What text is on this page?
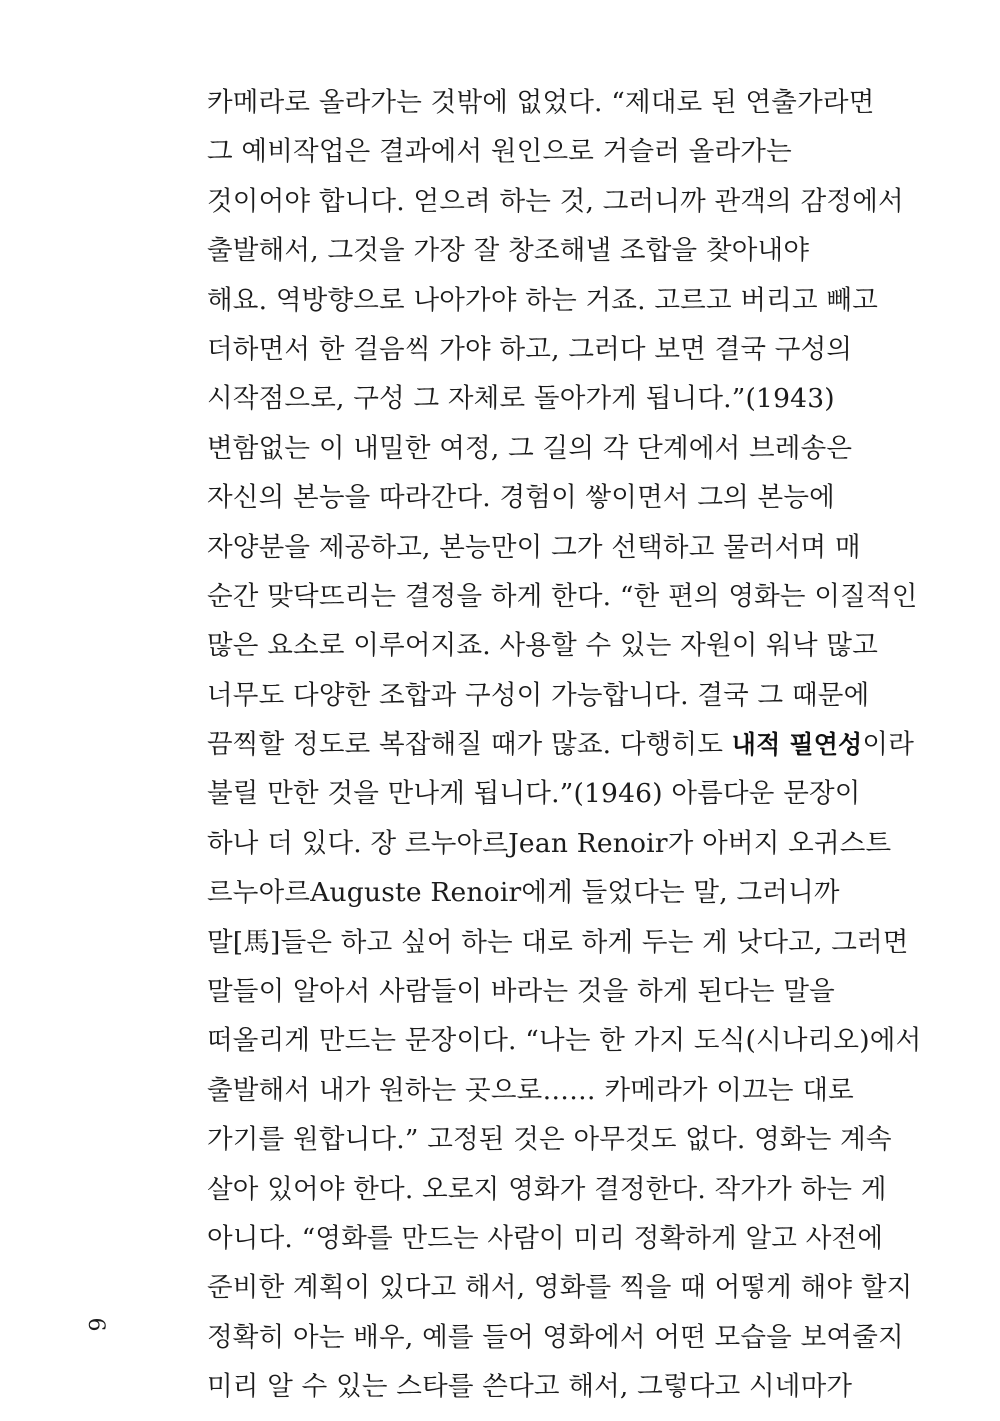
카메라로 올라가는 것밖에 없었다. “제대로 된 연출가라면
그 예비작업은 결과에서 원인으로 거슬러 올라가는
것이어야 합니다. 얻으려 하는 것, 그러니까 관객의 감정에서
출발해서, 그것을 가장 잘 창조해낼 조합을 찾아내야
해요. 역방향으로 나아가야 하는 거죠. 고르고 버리고 빼고
더하면서 한 걸음씩 가야 하고, 그러다 보면 결국 구성의
시작점으로, 구성 그 자체로 돌아가게 됩니다.”(1943)
변함없는 이 내밀한 여정, 그 길의 각 단계에서 브레송은
자신의 본능을 따라간다. 경험이 쌓이면서 그의 본능에
자양분을 제공하고, 본능만이 그가 선택하고 물러서며 매
순간 맞닥뜨리는 결정을 하게 한다. “한 편의 영화는 이질적인
많은 요소로 이루어지죠. 사용할 수 있는 자원이 워낙 많고
너무도 다양한 조합과 구성이 가능합니다. 결국 그 때문에
끔찍할 정도로 복잡해질 때가 많죠. 다행히도 내적 필연성이라
불릴 만한 것을 만나게 됩니다.”(1946) 아름다운 문장이
하나 더 있다. 장 르누아르Jean Renoir가 아버지 오귀스트
르누아르Auguste Renoir에게 들었다는 말, 그러니까
말[馬]들은 하고 싶어 하는 대로 하게 두는 게 낫다고, 그러면
말들이 알아서 사람들이 바라는 것을 하게 된다는 말을
떠올리게 만드는 문장이다. “나는 한 가지 도식(시나리오)에서
출발해서 내가 원하는 곳으로…… 카메라가 이끄는 대로
가기를 원합니다.” 고정된 것은 아무것도 없다. 영화는 계속
살아 있어야 한다. 오로지 영화가 결정한다. 작가가 하는 게
아니다. “영화를 만드는 사람이 미리 정확하게 알고 사전에
준비한 계획이 있다고 해서, 영화를 찍을 때 어떻게 해야 할지
정확히 아는 배우, 예를 들어 영화에서 어떤 모습을 보여줄지
미리 알 수 있는 스타를 쓴다고 해서, 그렇다고 시네마가
9
